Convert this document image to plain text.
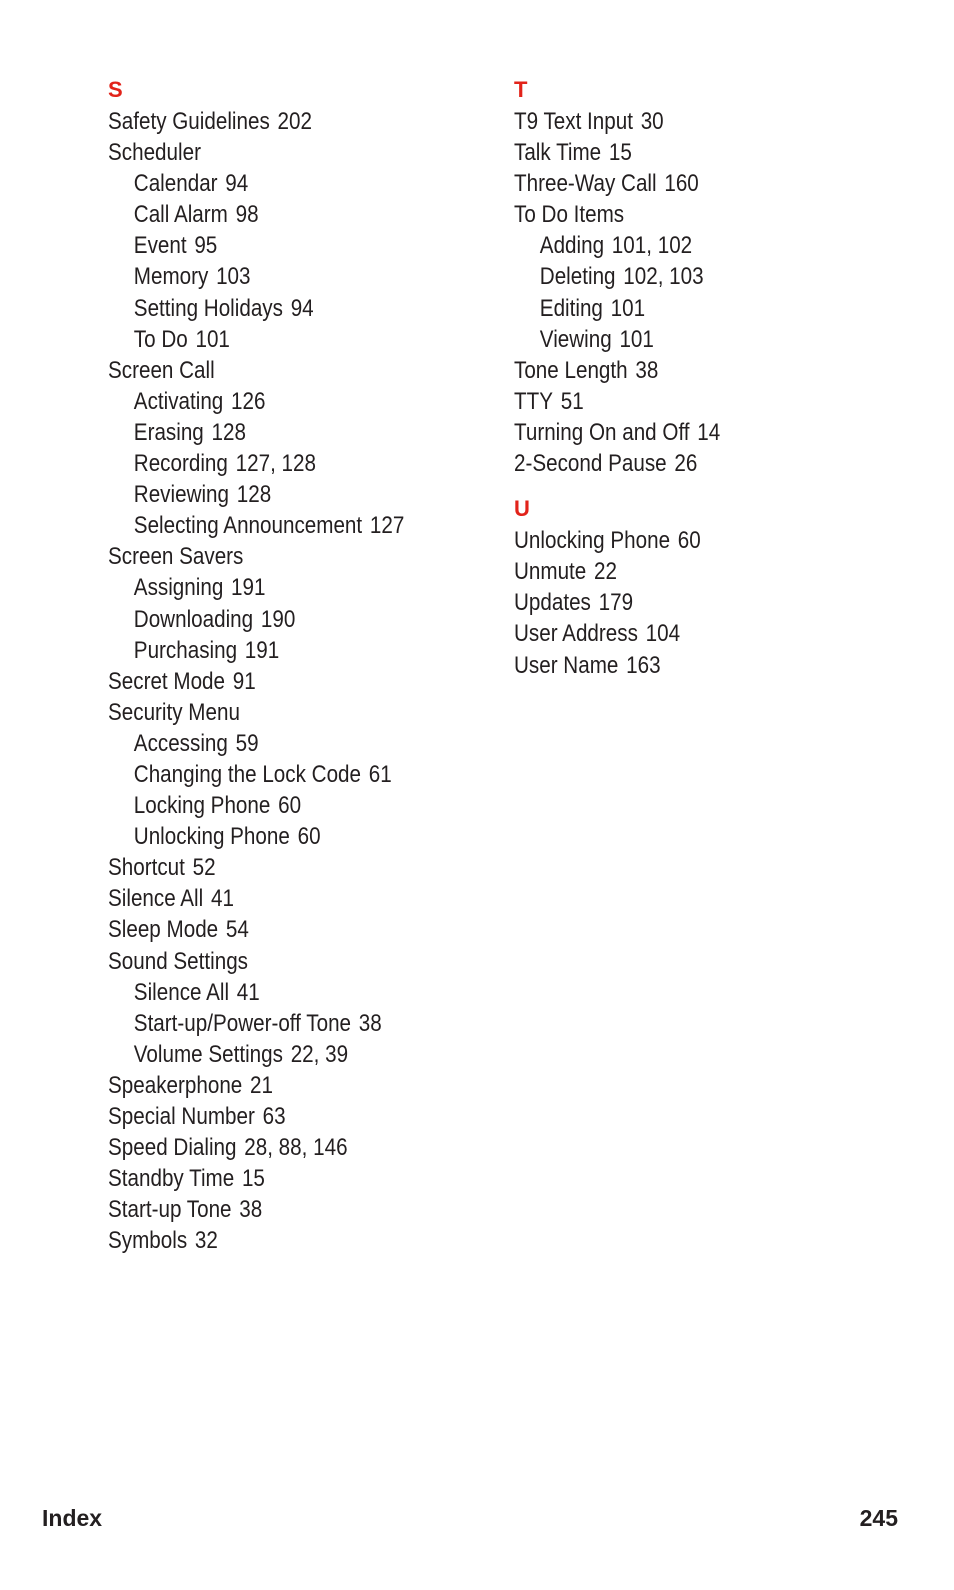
S
Safety Guidelines 202
Scheduler
Calendar 94
Call Alarm 98
Event 95
Memory 103
Setting Holidays 94
To Do 101
Screen Call
Activating 126
Erasing 128
Recording 127, 128
Reviewing 128
Selecting Announcement 127
Screen Savers
Assigning 191
Downloading 190
Purchasing 191
Secret Mode 91
Security Menu
Accessing 59
Changing the Lock Code 61
Locking Phone 60
Unlocking Phone 60
Shortcut 52
Silence All 41
Sleep Mode 54
Sound Settings
Silence All 41
Start-up/Power-off Tone 38
Volume Settings 22, 39
Speakerphone 21
Special Number 63
Speed Dialing 28, 88, 146
Standby Time 15
Start-up Tone 38
Symbols 32
T
T9 Text Input 30
Talk Time 15
Three-Way Call 160
To Do Items
Adding 101, 102
Deleting 102, 103
Editing 101
Viewing 101
Tone Length 38
TTY 51
Turning On and Off 14
2-Second Pause 26
U
Unlocking Phone 60
Unmute 22
Updates 179
User Address 104
User Name 163
Index	245
